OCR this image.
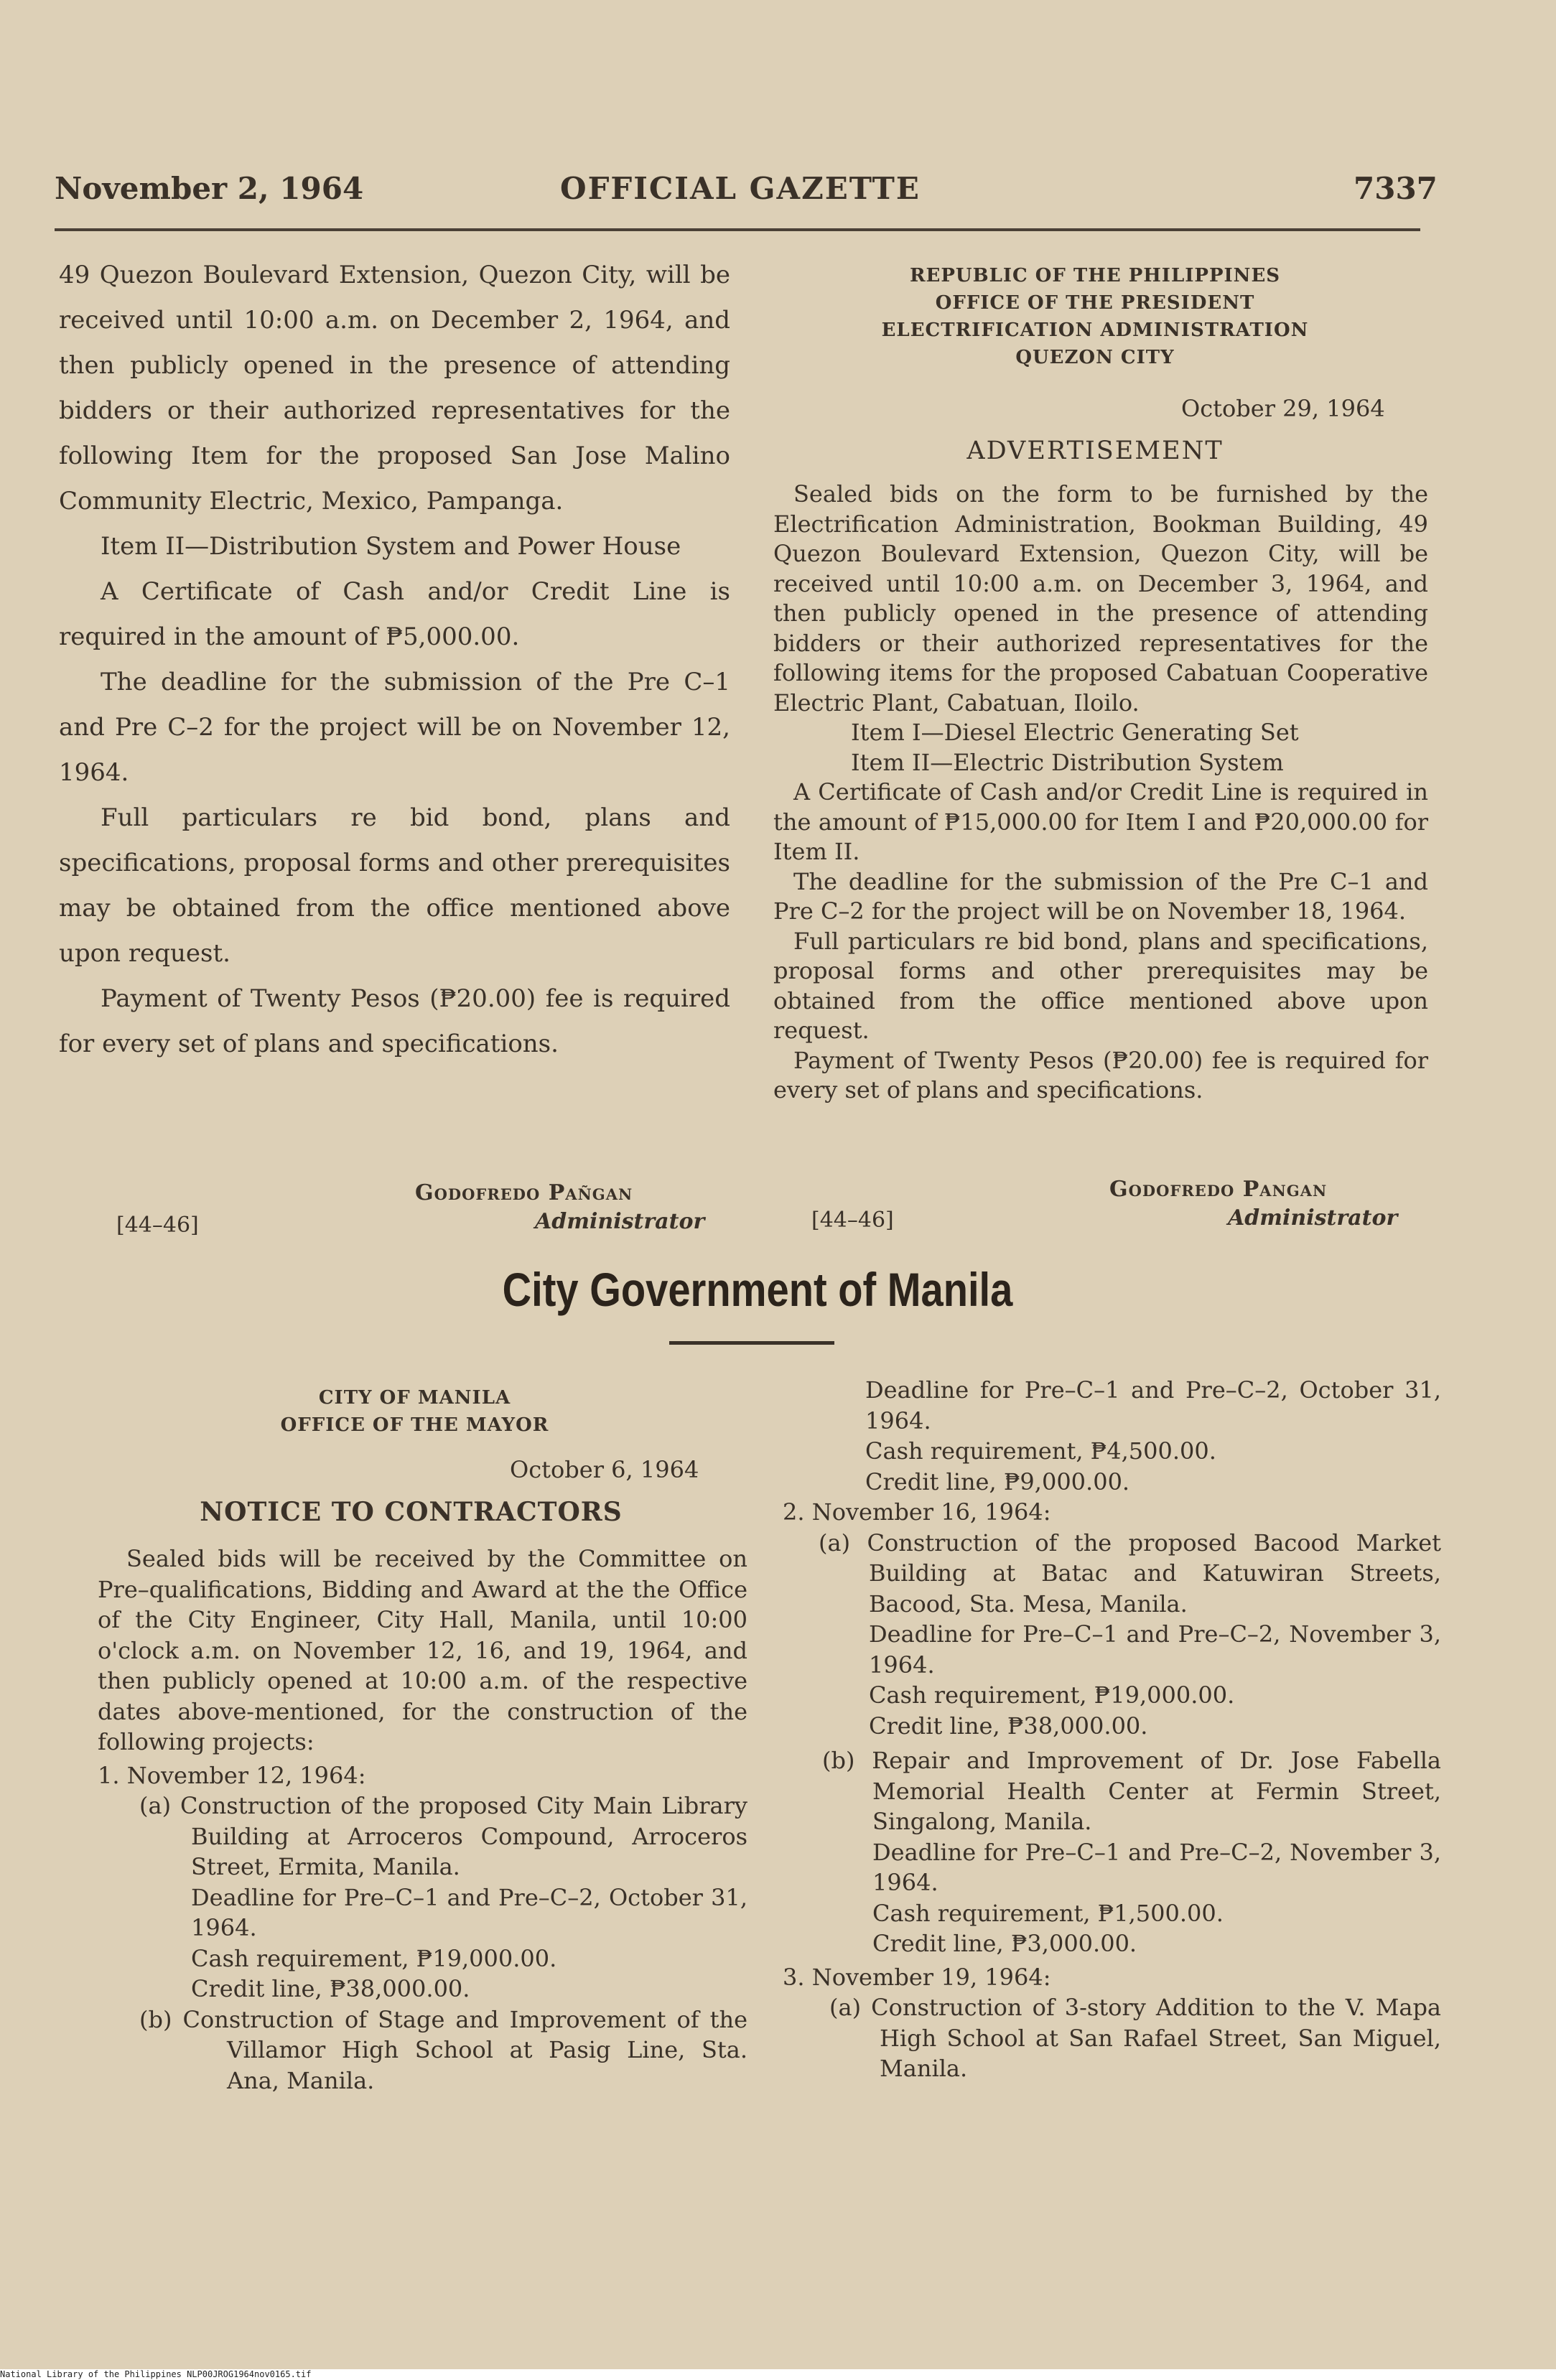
November 2, 1964	OFFICIAL GAZETTE	7337

49 Quezon Boulevard Extension, Quezon City, will be received until 10:00 a.m. on December 2, 1964, and then publicly opened in the presence of attending bidders or their authorized representatives for the following Item for the proposed San Jose Malino Community Electric, Mexico, Pampanga.

Item II—Distribution System and Power House

A Certificate of Cash and/or Credit Line is required in the amount of ₱5,000.00.

The deadline for the submission of the Pre C–1 and Pre C–2 for the project will be on November 12, 1964.

Full particulars re bid bond, plans and specifications, proposal forms and other prerequisites may be obtained from the office mentioned above upon request.

Payment of Twenty Pesos (₱20.00) fee is required for every set of plans and specifications.

Godofredo Pañgan
Administrator
[44–46]
REPUBLIC OF THE PHILIPPINES
OFFICE OF THE PRESIDENT
ELECTRIFICATION ADMINISTRATION
QUEZON CITY
October 29, 1964
ADVERTISEMENT

Sealed bids on the form to be furnished by the Electrification Administration, Bookman Building, 49 Quezon Boulevard Extension, Quezon City, will be received until 10:00 a.m. on December 3, 1964, and then publicly opened in the presence of attending bidders or their authorized representatives for the following items for the proposed Cabatuan Cooperative Electric Plant, Cabatuan, Iloilo.

Item I—Diesel Electric Generating Set

Item II—Electric Distribution System

A Certificate of Cash and/or Credit Line is required in the amount of ₱15,000.00 for Item I and ₱20,000.00 for Item II.

The deadline for the submission of the Pre C–1 and Pre C–2 for the project will be on November 18, 1964.

Full particulars re bid bond, plans and specifications, proposal forms and other prerequisites may be obtained from the office mentioned above upon request.

Payment of Twenty Pesos (₱20.00) fee is required for every set of plans and specifications.

Godofredo Pangan
Administrator
[44–46]
City Government of Manila
CITY OF MANILA
OFFICE OF THE MAYOR
October 6, 1964
NOTICE TO CONTRACTORS

Sealed bids will be received by the Committee on Pre–qualifications, Bidding and Award at the the Office of the City Engineer, City Hall, Manila, until 10:00 o'clock a.m. on November 12, 16, and 19, 1964, and then publicly opened at 10:00 a.m. of the respective dates above-mentioned, for the construction of the following projects:

1. November 12, 1964:

(a) Construction of the proposed City Main Library Building at Arroceros Compound, Arroceros Street, Ermita, Manila.

Deadline for Pre–C–1 and Pre–C–2, October 31, 1964.

Cash requirement, ₱19,000.00.

Credit line, ₱38,000.00.

(b) Construction of Stage and Improvement of the Villamor High School at Pasig Line, Sta. Ana, Manila.

Deadline for Pre–C–1 and Pre–C–2, October 31, 1964.

Cash requirement, ₱4,500.00.

Credit line, ₱9,000.00.

2. November 16, 1964:

(a) Construction of the proposed Bacood Market Building at Batac and Katuwiran Streets, Bacood, Sta. Mesa, Manila.

Deadline for Pre–C–1 and Pre–C–2, November 3, 1964.

Cash requirement, ₱19,000.00.

Credit line, ₱38,000.00.

(b) Repair and Improvement of Dr. Jose Fabella Memorial Health Center at Fermin Street, Singalong, Manila.

Deadline for Pre–C–1 and Pre–C–2, November 3, 1964.

Cash requirement, ₱1,500.00.

Credit line, ₱3,000.00.

3. November 19, 1964:

(a) Construction of 3-story Addition to the V. Mapa High School at San Rafael Street, San Miguel, Manila.

National Library of the Philippines NLP00JROG1964nov0165.tif
